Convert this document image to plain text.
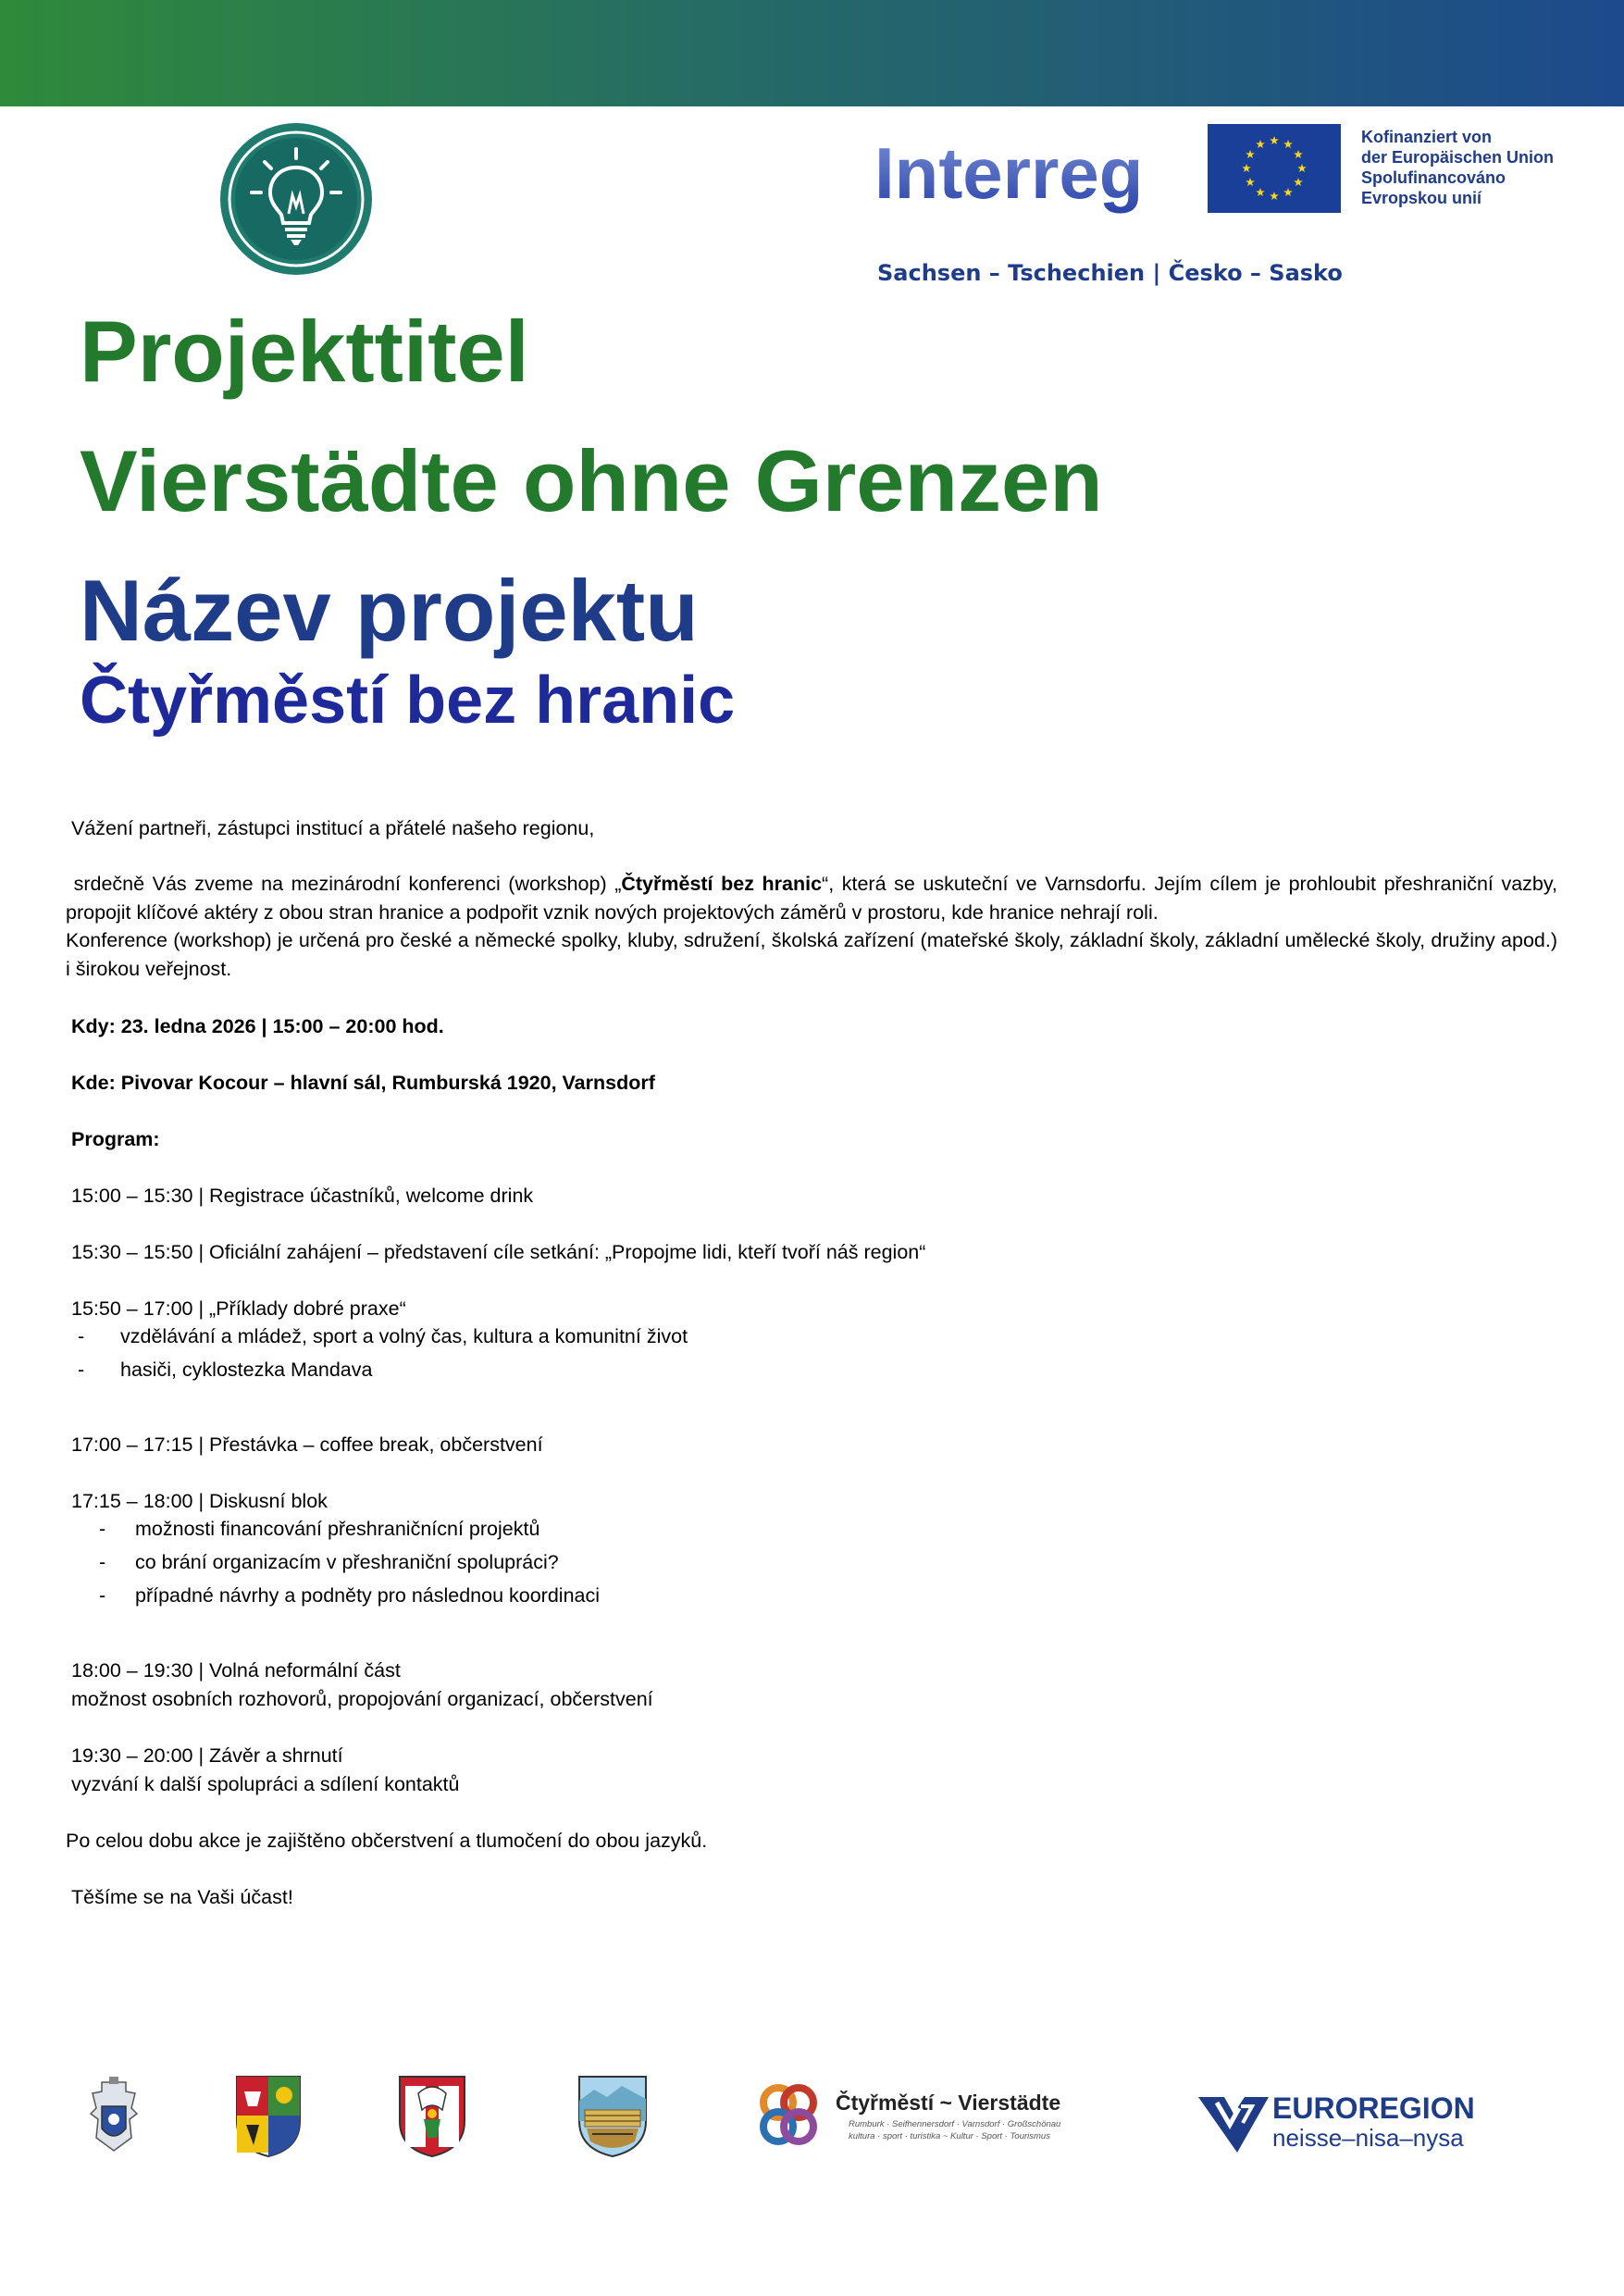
Interreg	Kofinanziert von
der Europäischen Union
Spolufinancováno
Evropskou unií
Sachsen – Tschechien | Česko – Sasko
Projekttitel
Vierstädte ohne Grenzen
Název projektu
Čtyřměstí bez hranic
Vážení partneři, zástupci institucí a přátelé našeho regionu,
srdečně Vás zveme na mezinárodní konferenci (workshop) „Čtyřměstí bez hranic“, která se uskuteční ve Varnsdorfu. Jejím cílem je prohloubit přeshraniční vazby, propojit klíčové aktéry z obou stran hranice a podpořit vznik nových projektových záměrů v prostoru, kde hranice nehrají roli.
Konference (workshop) je určená pro české a německé spolky, kluby, sdružení, školská zařízení (mateřské školy, základní školy, základní umělecké školy, družiny apod.) i širokou veřejnost.
Kdy: 23. ledna 2026 | 15:00 – 20:00 hod.
Kde: Pivovar Kocour – hlavní sál, Rumburská 1920, Varnsdorf
Program:
15:00 – 15:30 | Registrace účastníků, welcome drink
15:30 – 15:50 | Oficiální zahájení – představení cíle setkání: „Propojme lidi, kteří tvoří náš region“
15:50 – 17:00 | „Příklady dobré praxe“
- vzdělávání a mládež, sport a volný čas, kultura a komunitní život
- hasiči, cyklostezka Mandava
17:00 – 17:15 | Přestávka – coffee break, občerstvení
17:15 – 18:00 | Diskusní blok
- možnosti financování přeshraničnícní projektů
- co brání organizacím v přeshraniční spolupráci?
- případné návrhy a podněty pro následnou koordinaci
18:00 – 19:30 | Volná neformální část
možnost osobních rozhovorů, propojování organizací, občerstvení
19:30 – 20:00 | Závěr a shrnutí
vyzvání k další spolupráci a sdílení kontaktů
Po celou dobu akce je zajištěno občerstvení a tlumočení do obou jazyků.
Těšíme se na Vaši účast!
Čtyřměstí ~ Vierstädte
Rumburk · Seifhennersdorf · Varnsdorf · Großschönau
kultura · sport · turistika ~ Kultur · Sport · Tourismus
EUROREGION
neisse–nisa–nysa
